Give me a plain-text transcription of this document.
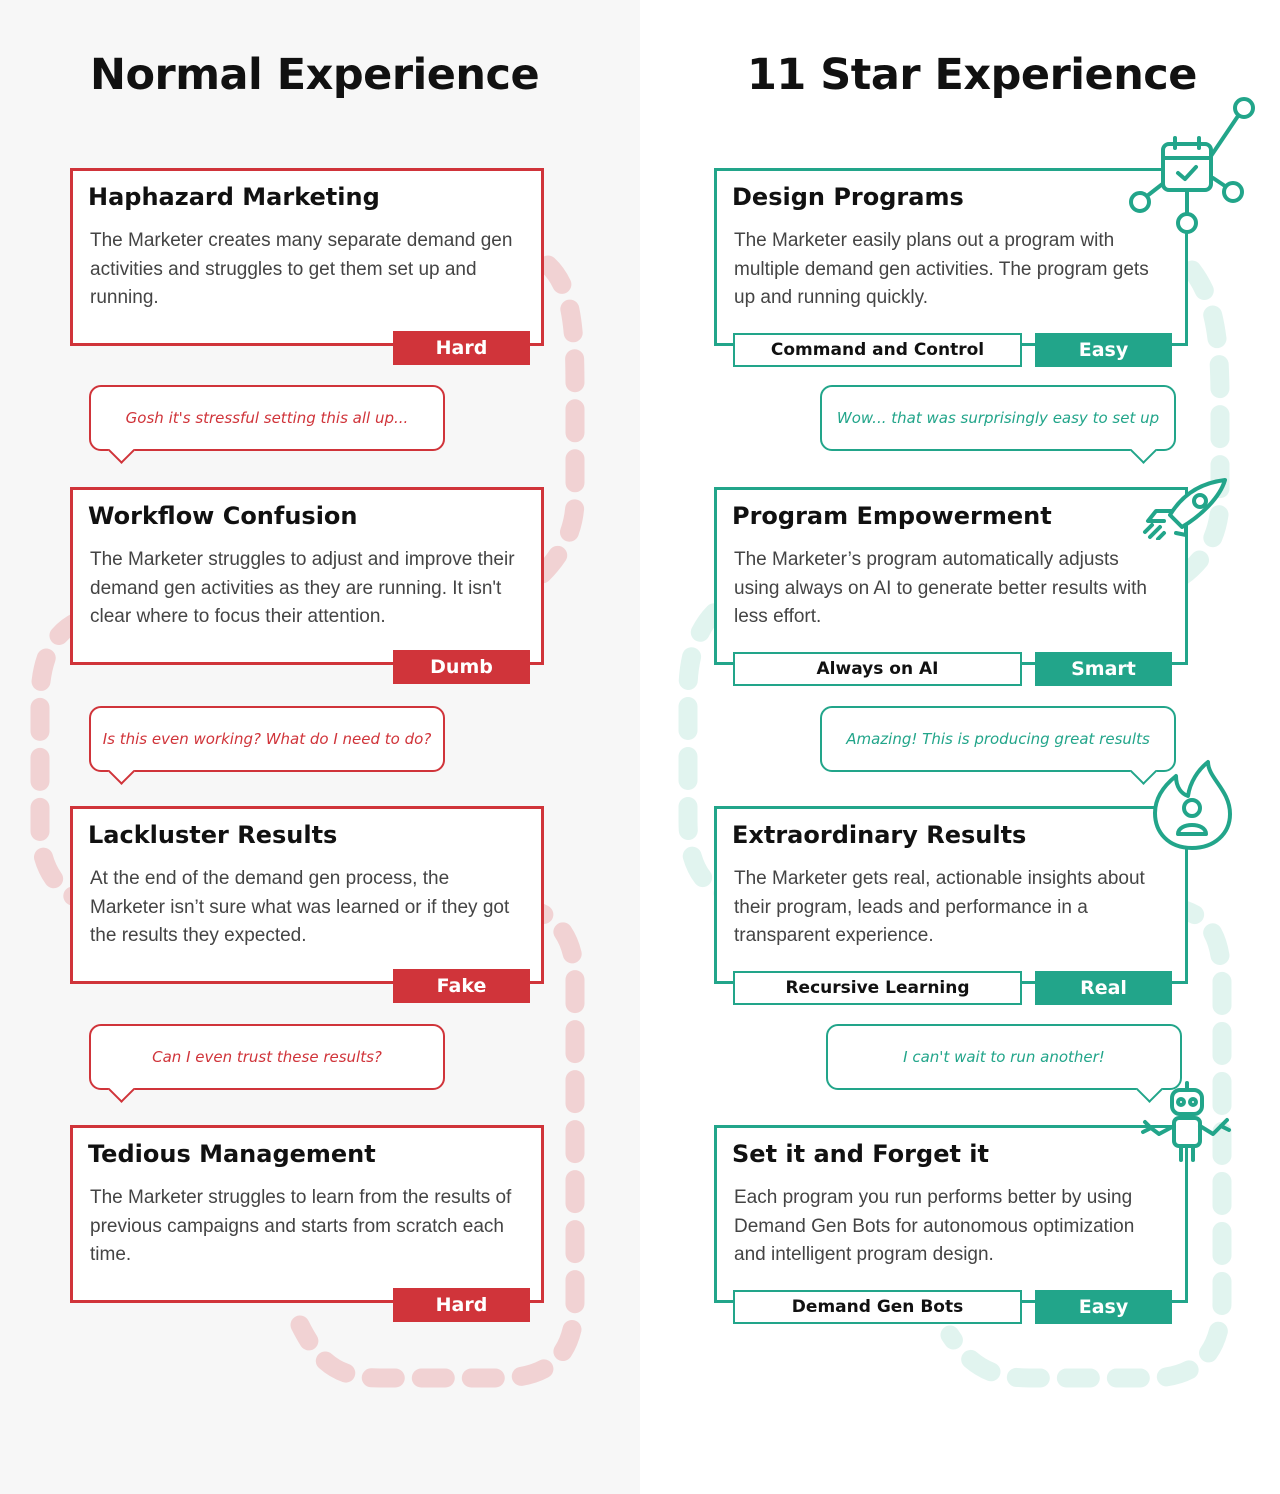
Normal Experience	11 Star Experience
Haphazard Marketing
The Marketer creates many separate demand gen activities and struggles to get them set up and running.
Hard
Gosh it's stressful setting this all up...
Workflow Confusion
The Marketer struggles to adjust and improve their demand gen activities as they are running. It isn't clear where to focus their attention.
Dumb
Is this even working? What do I need to do?
Lackluster Results
At the end of the demand gen process, the Marketer isn’t sure what was learned or if they got the results they expected.
Fake
Can I even trust these results?
Tedious Management
The Marketer struggles to learn from the results of previous campaigns and starts from scratch each time.
Hard
Design Programs
The Marketer easily plans out a program with multiple demand gen activities. The program gets up and running quickly.
Command and Control	Easy
Wow... that was surprisingly easy to set up
Program Empowerment
The Marketer’s program automatically adjusts using always on AI to generate better results with less effort.
Always on AI	Smart
Amazing! This is producing great results
Extraordinary Results
The Marketer gets real, actionable insights about their program, leads and performance in a transparent experience.
Recursive Learning	Real
I can't wait to run another!
Set it and Forget it
Each program you run performs better by using Demand Gen Bots for autonomous optimization and intelligent program design.
Demand Gen Bots	Easy
